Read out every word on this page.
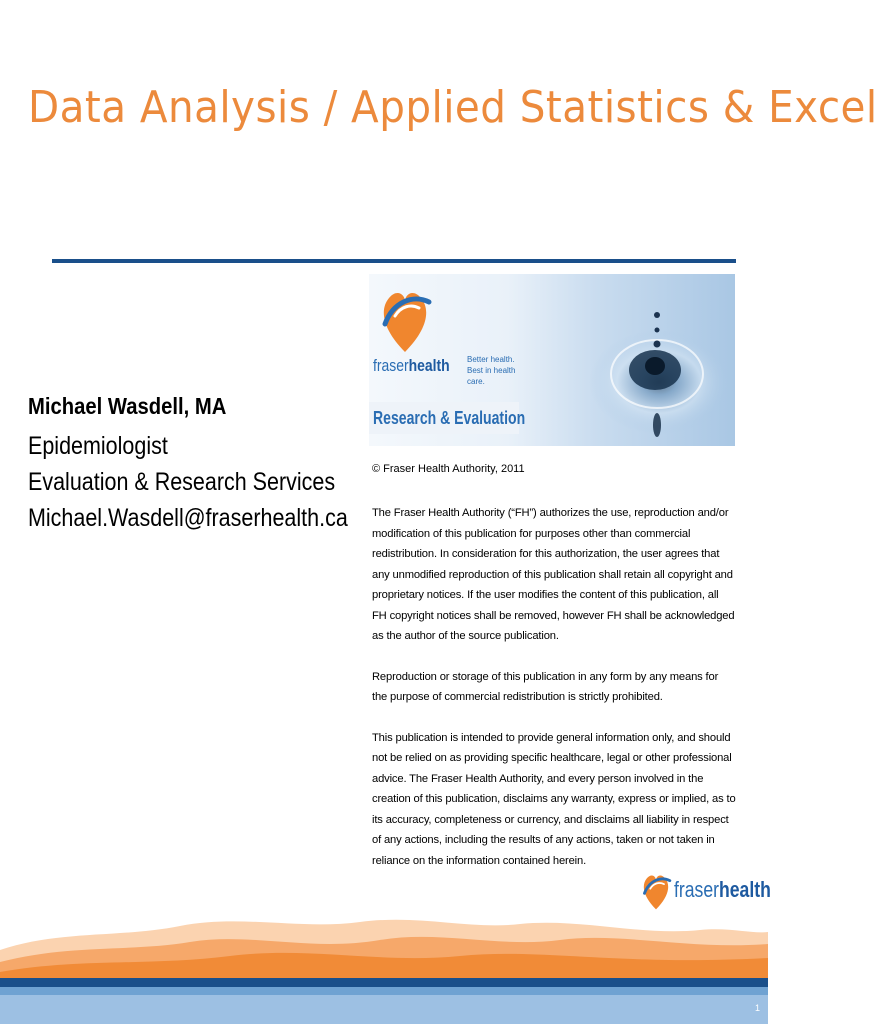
Data Analysis / Applied Statistics & Excel
Michael Wasdell, MA
Epidemiologist
Evaluation & Research Services
Michael.Wasdell@fraserhealth.ca
fraserhealth Better health. Best in health care.
Research & Evaluation
© Fraser Health Authority, 2011

The Fraser Health Authority (“FH”) authorizes the use, reproduction and/or modification of this publication for purposes other than commercial redistribution. In consideration for this authorization, the user agrees that any unmodified reproduction of this publication shall retain all copyright and proprietary notices. If the user modifies the content of this publication, all FH copyright notices shall be removed, however FH shall be acknowledged as the author of the source publication.

Reproduction or storage of this publication in any form by any means for the purpose of commercial redistribution is strictly prohibited.

This publication is intended to provide general information only, and should not be relied on as providing specific healthcare, legal or other professional advice. The Fraser Health Authority, and every person involved in the creation of this publication, disclaims any warranty, express or implied, as to its accuracy, completeness or currency, and disclaims all liability in respect of any actions, including the results of any actions, taken or not taken in reliance on the information contained herein.

fraserhealth
1
